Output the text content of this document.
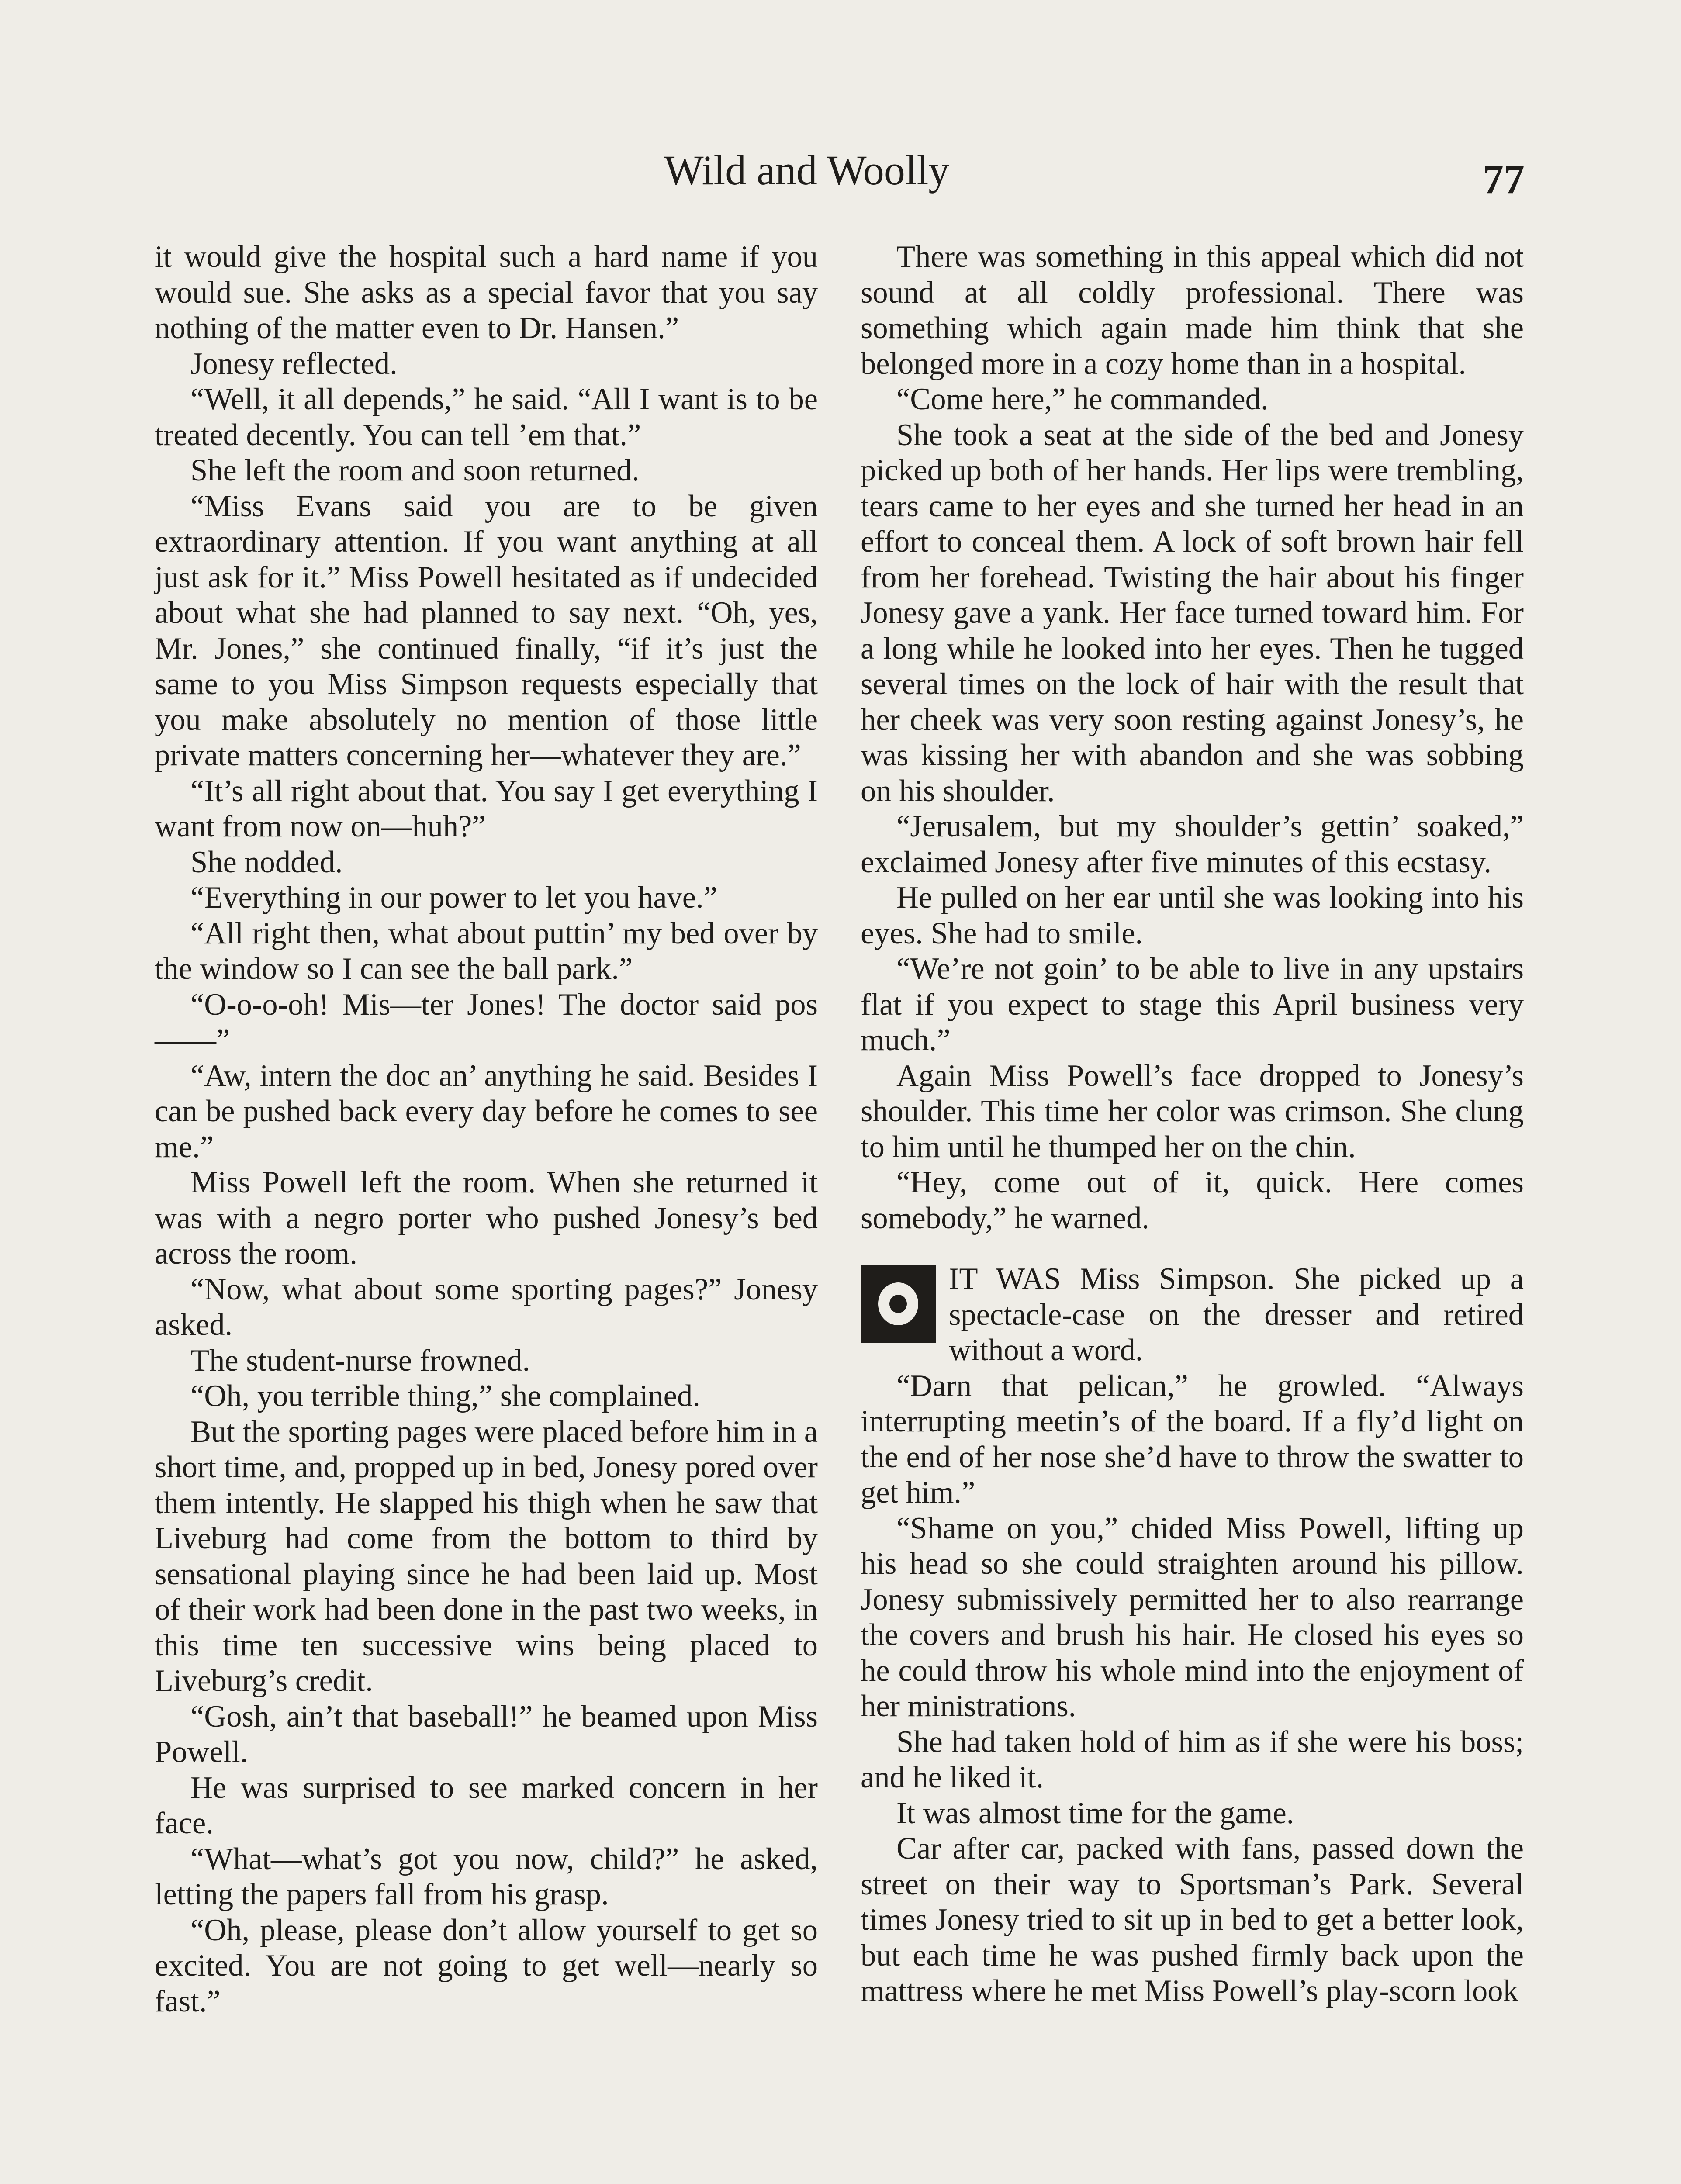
Wild and Woolly	77

it would give the hospital such a hard name if you would sue. She asks as a special favor that you say nothing of the matter even to Dr. Hansen.”

Jonesy reflected.

“Well, it all depends,” he said. “All I want is to be treated decently. You can tell ’em that.”

She left the room and soon returned.

“Miss Evans said you are to be given extraordinary attention. If you want anything at all just ask for it.” Miss Powell hesitated as if undecided about what she had planned to say next. “Oh, yes, Mr. Jones,” she continued finally, “if it’s just the same to you Miss Simpson requests especially that you make absolutely no mention of those little private matters concerning her—whatever they are.”

“It’s all right about that. You say I get everything I want from now on—huh?”

She nodded.

“Everything in our power to let you have.”

“All right then, what about puttin’ my bed over by the window so I can see the ball park.”

“O-o-o-oh! Mis—ter Jones! The doctor said pos——”

“Aw, intern the doc an’ anything he said. Besides I can be pushed back every day before he comes to see me.”

Miss Powell left the room. When she returned it was with a negro porter who pushed Jonesy’s bed across the room.

“Now, what about some sporting pages?” Jonesy asked.

The student-nurse frowned.

“Oh, you terrible thing,” she complained.

But the sporting pages were placed before him in a short time, and, propped up in bed, Jonesy pored over them intently. He slapped his thigh when he saw that Liveburg had come from the bottom to third by sensational playing since he had been laid up. Most of their work had been done in the past two weeks, in this time ten successive wins being placed to Liveburg’s credit.

“Gosh, ain’t that baseball!” he beamed upon Miss Powell.

He was surprised to see marked concern in her face.

“What—what’s got you now, child?” he asked, letting the papers fall from his grasp.

“Oh, please, please don’t allow yourself to get so excited. You are not going to get well—nearly so fast.”

There was something in this appeal which did not sound at all coldly professional. There was something which again made him think that she belonged more in a cozy home than in a hospital.

“Come here,” he commanded.

She took a seat at the side of the bed and Jonesy picked up both of her hands. Her lips were trembling, tears came to her eyes and she turned her head in an effort to conceal them. A lock of soft brown hair fell from her forehead. Twisting the hair about his finger Jonesy gave a yank. Her face turned toward him. For a long while he looked into her eyes. Then he tugged several times on the lock of hair with the result that her cheek was very soon resting against Jonesy’s, he was kissing her with abandon and she was sobbing on his shoulder.

“Jerusalem, but my shoulder’s gettin’ soaked,” exclaimed Jonesy after five minutes of this ecstasy.

He pulled on her ear until she was looking into his eyes. She had to smile.

“We’re not goin’ to be able to live in any upstairs flat if you expect to stage this April business very much.”

Again Miss Powell’s face dropped to Jonesy’s shoulder. This time her color was crimson. She clung to him until he thumped her on the chin.

“Hey, come out of it, quick. Here comes somebody,” he warned.

IT WAS Miss Simpson. She picked up a spectacle-case on the dresser and retired without a word.

“Darn that pelican,” he growled. “Always interrupting meetin’s of the board. If a fly’d light on the end of her nose she’d have to throw the swatter to get him.”

“Shame on you,” chided Miss Powell, lifting up his head so she could straighten around his pillow. Jonesy submissively permitted her to also rearrange the covers and brush his hair. He closed his eyes so he could throw his whole mind into the enjoyment of her ministrations.

She had taken hold of him as if she were his boss; and he liked it.

It was almost time for the game.

Car after car, packed with fans, passed down the street on their way to Sportsman’s Park. Several times Jonesy tried to sit up in bed to get a better look, but each time he was pushed firmly back upon the mattress where he met Miss Powell’s play-scorn look
